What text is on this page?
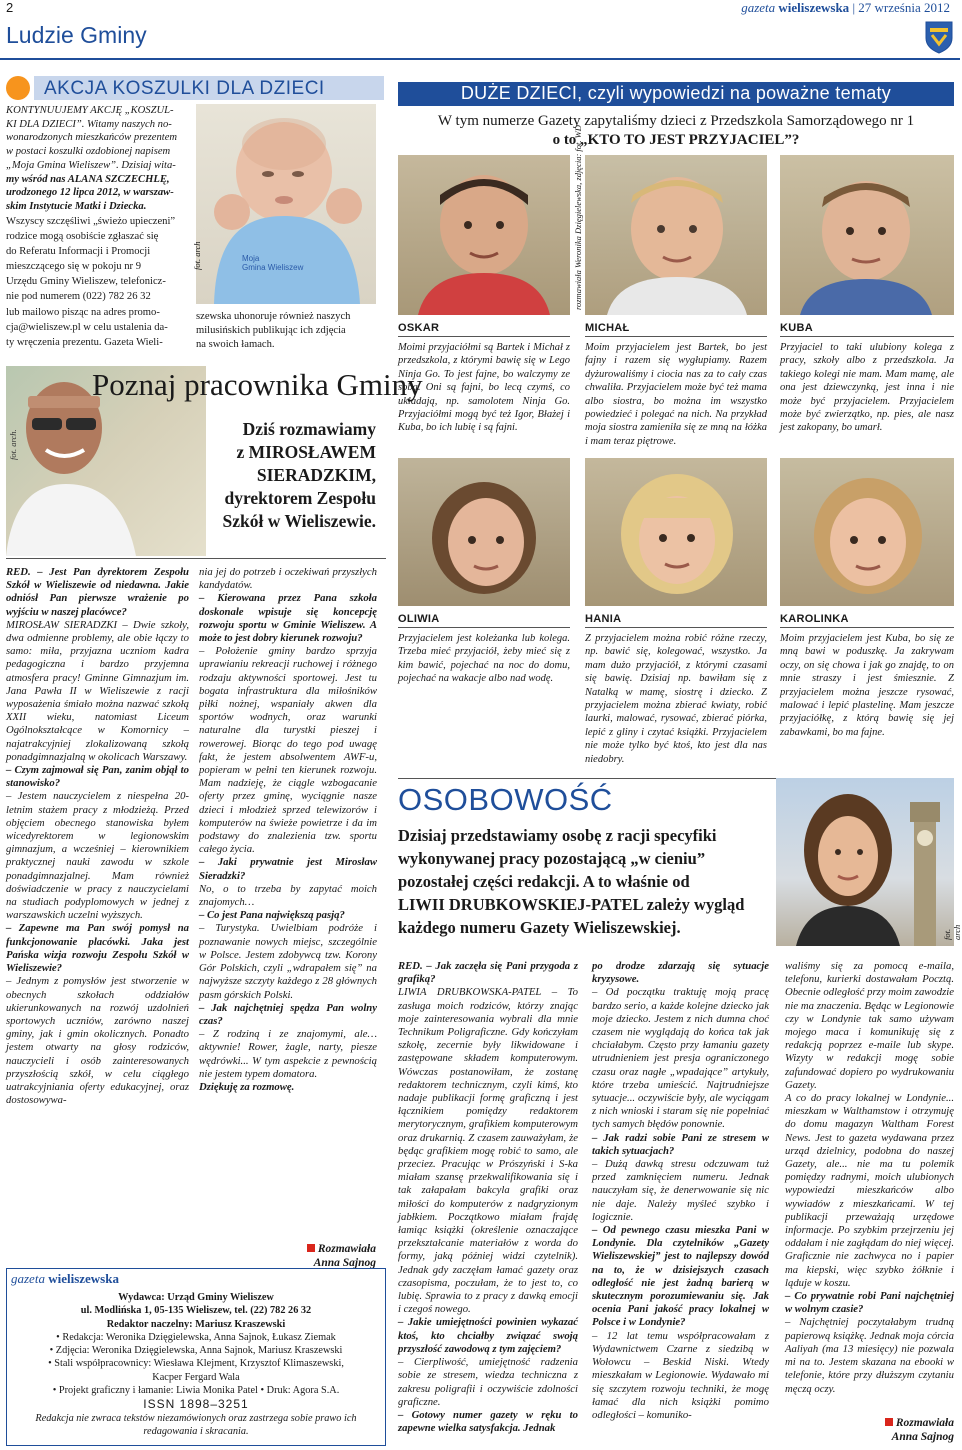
2
Ludzie Gminy
gazeta wieliszewska | 27 września 2012
AKCJA KOSZULKI DLA DZIECI
KONTYNUUJEMY AKCJĘ „KOSZUL-
KI DLA DZIECI”. Witamy naszych no-
wonarodzonych mieszkańców prezentem
w postaci koszulki ozdobionej napisem
„Moja Gmina Wieliszew”. Dzisiaj wita-
my wśród nas ALANA SZCZECHLĘ,
urodzonego 12 lipca 2012, w warszaw-
skim Instytucie Matki i Dziecka.
Wszyscy szczęśliwi „świeżo upieczeni”
rodzice mogą osobiście zgłaszać się
do Referatu Informacji i Promocji
mieszczącego się w pokoju nr 9
Urzędu Gminy Wieliszew, telefonicz-
nie pod numerem (022) 782 26 32
lub mailowo pisząc na adres promo-
cja@wieliszew.pl w celu ustalenia da-
ty wręczenia prezentu. Gazeta Wieli-
Moja
Gmina Wieliszew
fot. arch
szewska uhonoruje również naszych
milusińskich publikując ich zdjęcia
na swoich łamach.
fot. arch.
Poznaj pracownika Gminy
Dziś rozmawiamy
z MIROSŁAWEM
SIERADZKIM,
dyrektorem Zespołu
Szkół w Wieliszewie.

RED. – Jest Pan dyrektorem Zespołu Szkół w Wieliszewie od niedawna. Jakie odniósł Pan pierwsze wrażenie po wyjściu w naszej placówce?

MIROSŁAW SIERADZKI – Dwie szkoły, dwa odmienne problemy, ale obie łączy to samo: miła, przyjazna uczniom kadra pedagogiczna i bardzo przyjemna atmosfera pracy! Gminne Gimnazjum im. Jana Pawła II w Wieliszewie z racji wyposażenia śmiało można nazwać szkołą XXII wieku, natomiast Liceum Ogólnokształcące w Komornicy – najatrakcyjniej zlokalizowaną szkołą ponadgimnazjalną w okolicach Warszawy.

– Czym zajmował się Pan, zanim objął to stanowisko?

– Jestem nauczycielem z niespełna 20-letnim stażem pracy z młodzieżą. Przed objęciem obecnego stanowiska byłem wicedyrektorem w legionowskim gimnazjum, a wcześniej – kierownikiem praktycznej nauki zawodu w szkole ponadgimnazjalnej. Mam również doświadczenie w pracy z nauczycielami na studiach podyplomowych w jednej z warszawskich uczelni wyższych.

– Zapewne ma Pan swój pomysł na funkcjonowanie placówki. Jaka jest Pańska wizja rozwoju Zespołu Szkół w Wieliszewie?

– Jednym z pomysłów jest stworzenie w obecnych szkołach oddziałów ukierunkowanych na rozwój uzdolnień sportowych uczniów, zarówno naszej gminy, jak i gmin okolicznych. Ponadto jestem otwarty na głosy rodziców, nauczycieli i osób zainteresowanych przyszłością szkół, w celu ciągłego uatrakcyjniania oferty edukacyjnej, oraz dostosowywa-

nia jej do potrzeb i oczekiwań przyszłych kandydatów.

– Kierowana przez Pana szkoła doskonale wpisuje się koncepcję rozwoju sportu w Gminie Wieliszew. A może to jest dobry kierunek rozwoju?

– Położenie gminy bardzo sprzyja uprawianiu rekreacji ruchowej i różnego rodzaju aktywności sportowej. Jest tu bogata infrastruktura dla miłośników piłki nożnej, wspaniały akwen dla sportów wodnych, oraz warunki naturalne dla turystki pieszej i rowerowej. Biorąc do tego pod uwagę fakt, że jestem absolwentem AWF-u, popieram w pełni ten kierunek rozwoju. Mam nadzieję, że ciągle wzbogacanie oferty przez gminę, wyciągnie nasze dzieci i młodzież sprzed telewizorów i komputerów na świeże powietrze i da im podstawy do znalezienia tzw. sportu całego życia.

– Jaki prywatnie jest Mirosław Sieradzki?

No, o to trzeba by zapytać moich znajomych…

– Co jest Pana największą pasją?

– Turystyka. Uwielbiam podróże i poznawanie nowych miejsc, szczególnie w Polsce. Jestem zdobywcą tzw. Korony Gór Polskich, czyli „wdrapałem się” na najwyższe szczyty każdego z 28 głównych pasm górskich Polski.

– Jak najchętniej spędza Pan wolny czas?

– Z rodziną i ze znajomymi, ale… aktywnie! Rower, żagle, narty, piesze wędrówki... W tym aspekcie z pewnością nie jestem typem domatora.

Dziękuję za rozmowę.

Rozmawiała
Anna Sajnog
gazeta wieliszewska
Wydawca: Urząd Gminy Wieliszew
ul. Modlińska 1, 05-135 Wieliszew, tel. (22) 782 26 32
Redaktor naczelny: Mariusz Kraszewski
• Redakcja: Weronika Dzięgielewska, Anna Sajnok, Łukasz Ziemak
• Zdjęcia: Weronika Dzięgielewska, Anna Sajnok, Mariusz Kraszewski
• Stali współpracownicy: Wiesława Klejment, Krzysztof Klimaszewski,
Kacper Fergard Wala
• Projekt graficzny i łamanie: Liwia Monika Patel • Druk: Agora S.A.
ISSN 1898–3251
Redakcja nie zwraca tekstów niezamówionych oraz zastrzega sobie prawo ich
redagowania i skracania.
DUŻE DZIECI, czyli wypowiedzi na poważne tematy
W tym numerze Gazety zapytaliśmy dzieci z Przedszkola Samorządowego nr 1
o to „KTO TO JEST PRZYJACIEL”?
rozmawiała Weronika Dzięgielewska, zdjęcia: fot. WD
OSKAR
Moimi przyjaciółmi są Bartek i Michał z przedszkola, z którymi bawię się w Lego Ninja Go. To jest fajne, bo walczymy ze sobą. Oni są fajni, bo lecą czymś, co układają, np. samolotem Ninja Go. Przyjaciółmi mogą być też Igor, Błażej i Kuba, bo ich lubię i są fajni.
MICHAŁ
Moim przyjacielem jest Bartek, bo jest fajny i razem się wygłupiamy. Razem dyżurowaliśmy i ciocia nas za to cały czas chwaliła. Przyjacielem może być też mama albo siostra, bo można im wszystko powiedzieć i polegać na nich. Na przykład moja siostra zamieniła się ze mną na łóżka i mam teraz piętrowe.
KUBA
Przyjaciel to taki ulubiony kolega z pracy, szkoły albo z przedszkola. Ja takiego kolegi nie mam. Mam mamę, ale ona jest dziewczynką, jest inna i nie może być przyjacielem. Przyjacielem może być zwierzątko, np. pies, ale nasz jest zakopany, bo umarł.
OLIWIA
Przyjacielem jest koleżanka lub kolega. Trzeba mieć przyjaciół, żeby mieć się z kim bawić, pojechać na noc do domu, pojechać na wakacje albo nad wodę.
HANIA
Z przyjacielem można robić różne rzeczy, np. bawić się, kolegować, wszystko. Ja mam dużo przyjaciół, z którymi czasami się bawię. Dzisiaj np. bawiłam się z Natalką w mamę, siostrę i dziecko. Z przyjacielem można zbierać kwiaty, robić laurki, malować, rysować, zbierać piórka, lepić z gliny i czytać książki. Przyjacielem nie może tylko być ktoś, kto jest dla nas niedobry.
KAROLINKA
Moim przyjacielem jest Kuba, bo się ze mną bawi w poduszkę. Ja zakrywam oczy, on się chowa i jak go znajdę, to on mnie straszy i jest śmiesznie. Z przyjacielem można jeszcze rysować, malować i lepić plastelinę. Mam jeszcze przyjaciółkę, z którą bawię się jej zabawkami, bo ma fajne.
OSOBOWOŚĆ
Dzisiaj przedstawiamy osobę z racji specyfiki
wykonywanej pracy pozostającą „w cieniu”
pozostałej części redakcji. A to właśnie od
LIWII DRUBKOWSKIEJ-PATEL zależy wygląd
każdego numeru Gazety Wieliszewskiej.	fot. arch

RED. – Jak zaczęła się Pani przygoda z grafiką?

LIWIA DRUBKOWSKA-PATEL – To zasługa moich rodziców, którzy znając moje zainteresowania wybrali dla mnie Technikum Poligraficzne. Gdy kończyłam szkołę, zecernie były likwidowane i zastępowane składem komputerowym. Wówczas postanowiłam, że zostanę redaktorem technicznym, czyli kimś, kto nadaje publikacji formę graficzną i jest łącznikiem pomiędzy redaktorem merytorycznym, grafikiem komputerowym oraz drukarnią. Z czasem zauważyłam, że będąc grafikiem mogę robić to samo, ale przeciez. Pracując w Prószyński i S-ka miałam szansę przekwalifikowania się i tak załapałam bakcyla grafiki oraz miłości do komputerów z nadgryzionym jabłkiem. Początkowo miałam frajdę łamiąc książki (określenie oznaczające przekształcanie materiałów z worda do formy, jaką później widzi czytelnik). Jednak gdy zaczęłam łamać gazety oraz czasopisma, poczułam, że to jest to, co lubię. Sprawia to z pracy z dawką emocji i czegoś nowego.

– Jakie umiejętności powinien wykazać ktoś, kto chciałby związać swoją przyszłość zawodową z tym zajęciem?

– Cierpliwość, umiejętność radzenia sobie ze stresem, wiedza techniczna z zakresu poligrafii i oczywiście zdolności graficzne.

– Gotowy numer gazety w ręku to zapewne wielka satysfakcja. Jednak

po drodze zdarzają się sytuacje kryzysowe.

– Od początku traktuję moją pracę bardzo serio, a każde kolejne dziecko jak moje dziecko. Jestem z nich dumna choć czasem nie wyglądają do końca tak jak chciałabym. Często przy łamaniu gazety utrudnieniem jest presja ograniczonego czasu oraz nagłe „wpadające” artykuły, które trzeba umieścić. Najtrudniejsze sytuacje... oczywiście były, ale wyciągam z nich wnioski i staram się nie popełniać tych samych błędów ponownie.

– Jak radzi sobie Pani ze stresem w takich sytuacjach?

– Dużą dawką stresu odczuwam tuż przed zamknięciem numeru. Jednak nauczyłam się, że denerwowanie się nic nie daje. Należy myśleć szybko i logicznie.

– Od pewnego czasu mieszka Pani w Londynie. Dla czytelników „Gazety Wieliszewskiej” jest to najlepszy dowód na to, że w dzisiejszych czasach odległość nie jest żadną barierą w skutecznym porozumiewaniu się. Jak ocenia Pani jakość pracy lokalnej w Polsce i w Londynie?

– 12 lat temu współpracowałam z Wydawnictwem Czarne z siedzibą w Wołowcu – Beskid Niski. Wtedy mieszkałam w Legionowie. Wydawało mi się szczytem rozwoju techniki, że mogę łamać dla nich książki pomimo odległości – komuniko-

waliśmy się za pomocą e-maila, telefonu, kurierki dostawałam Pocztą. Obecnie odległość przy moim zawodzie nie ma znaczenia. Będąc w Legionowie czy w Londynie tak samo używam mojego maca i komunikuję się z redakcją poprzez e-maile lub skype. Wizyty w redakcji mogę sobie zafundować dopiero po wydrukowaniu Gazety.

A co do pracy lokalnej w Londynie... mieszkam w Walthamstow i otrzymuję do domu magazyn Waltham Forest News. Jest to gazeta wydawana przez urząd dzielnicy, podobna do naszej Gazety, ale... nie ma tu polemik pomiędzy radnymi, moich ulubionych wypowiedzi mieszkańców albo wywiadów z mieszkańcami. W tej publikacji przeważają urzędowe informacje. Po szybkim przejrzeniu jej oddałam i nie zagłądam do niej więcej. Graficznie nie zachwyca no i papier ma kiepski, więc szybko żółknie i ląduje w koszu.

– Co prywatnie robi Pani najchętniej w wolnym czasie?

– Najchętniej poczytałabym trudną papierową książkę. Jednak moja córcia Aaliyah (ma 13 miesięcy) nie pozwala mi na to. Jestem skazana na ebooki w telefonie, które przy dłuższym czytaniu męczą oczy.

Rozmawiała
Anna Sajnog
